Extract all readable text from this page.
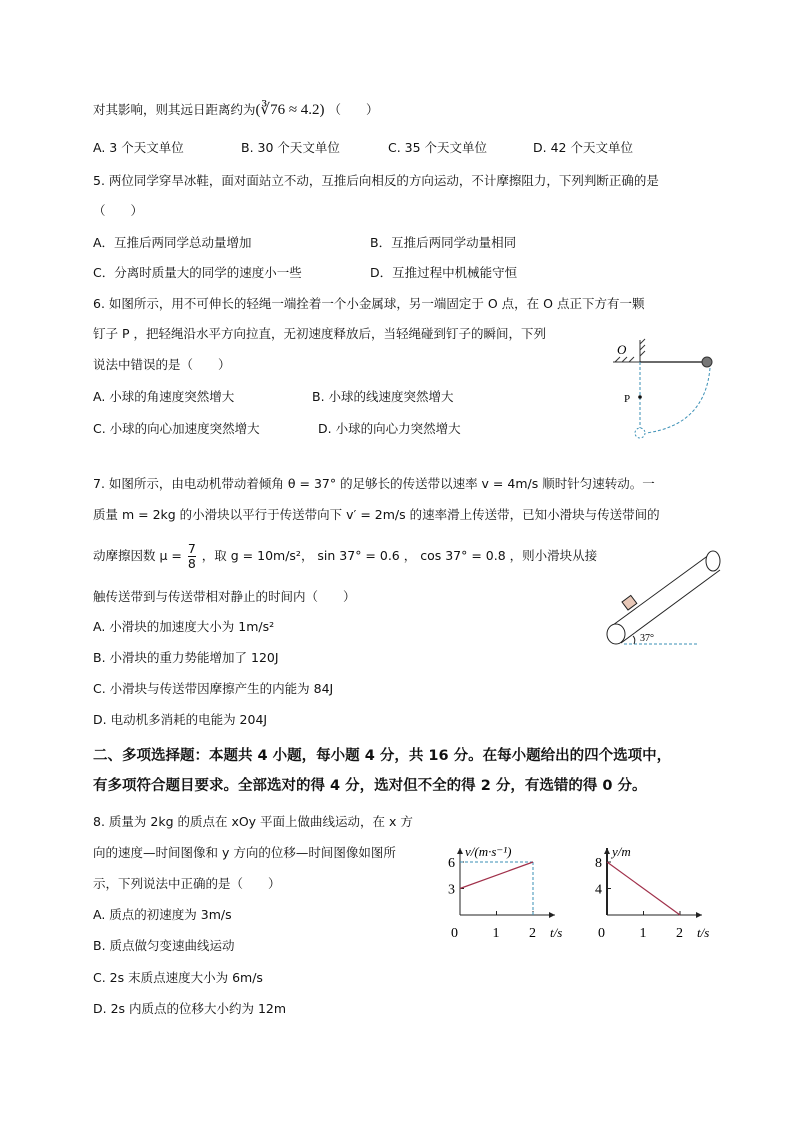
对其影响，则其远日距离约为(∛76 ≈ 4.2) （　　）
A. 3 个天文单位	B. 30 个天文单位	C. 35 个天文单位	D. 42 个天文单位
5. 两位同学穿旱冰鞋，面对面站立不动，互推后向相反的方向运动，不计摩擦阻力，下列判断正确的是
（　　）
A．互推后两同学总动量增加	B．互推后两同学动量相同
C．分离时质量大的同学的速度小一些	D．互推过程中机械能守恒
6. 如图所示，用不可伸长的轻绳一端拴着一个小金属球，另一端固定于 O 点，在 O 点正下方有一颗
钉子 P ，把轻绳沿水平方向拉直，无初速度释放后，当轻绳碰到钉子的瞬间，下列
说法中错误的是（　　）
A. 小球的角速度突然增大	B. 小球的线速度突然增大
C. 小球的向心加速度突然增大	D. 小球的向心力突然增大
O
P
7. 如图所示，由电动机带动着倾角 θ = 37° 的足够长的传送带以速率 v = 4m/s 顺时针匀速转动。一
质量 m = 2kg 的小滑块以平行于传送带向下 v′ = 2m/s 的速率滑上传送带，已知小滑块与传送带间的
动摩擦因数 $\mu = \frac{7}{8}$ ，取 g = 10m/s²， sin 37° = 0.6 ， cos 37° = 0.8 ，则小滑块从接
触传送带到与传送带相对静止的时间内（　　）
A. 小滑块的加速度大小为 1m/s²
B. 小滑块的重力势能增加了 120J
C. 小滑块与传送带因摩擦产生的内能为 84J
D. 电动机多消耗的电能为 204J
37°
二、多项选择题：本题共 4 小题，每小题 4 分，共 16 分。在每小题给出的四个选项中，
有多项符合题目要求。全部选对的得 4 分，选对但不全的得 2 分，有选错的得 0 分。
8. 质量为 2kg 的质点在 xOy 平面上做曲线运动，在 x 方
向的速度—时间图像和 y 方向的位移—时间图像如图所
示，下列说法中正确的是（　　）
A. 质点的初速度为 3m/s
B. 质点做匀变速曲线运动
C. 2s 末质点速度大小为 6m/s
D. 2s 内质点的位移大小约为 12m
v/(m·s⁻¹)
t/s
0 1 2
3
6
y/m
t/s
0 1 2
4
8
